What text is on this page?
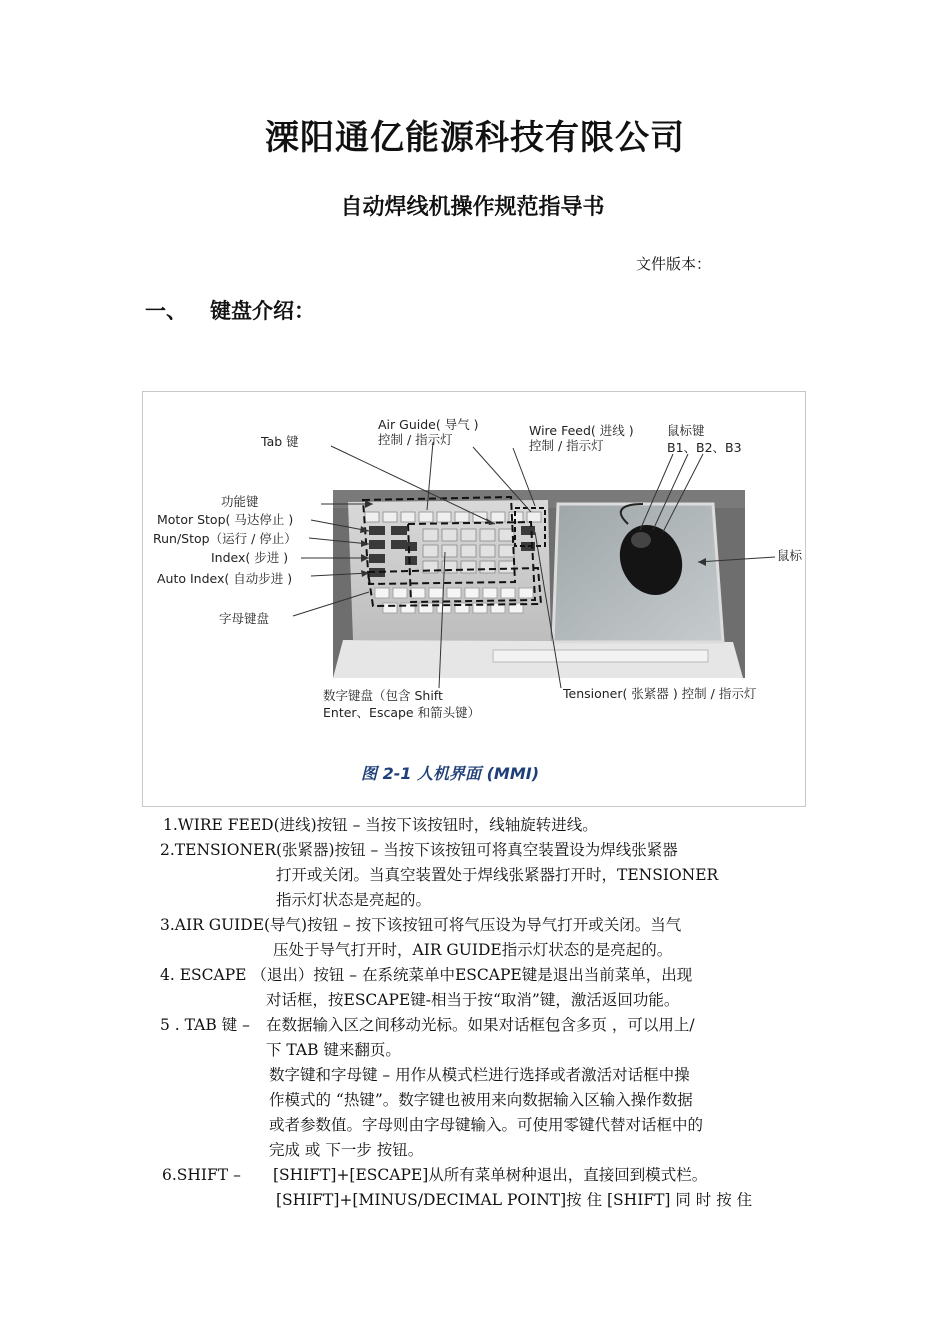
溧阳通亿能源科技有限公司
自动焊线机操作规范指导书
文件版本：
一、 键盘介绍：
Tab 键
Air Guide( 导气 )
控制 / 指示灯
Wire Feed( 进线 )
控制 / 指示灯
鼠标键
B1、B2、B3
功能键
Motor Stop( 马达停止 )
Run/Stop（运行 / 停止）
Index( 步进 )
Auto Index( 自动步进 )
字母键盘
鼠标
数字键盘（包含 Shift
Enter、Escape 和箭头键）
Tensioner( 张紧器 ) 控制 / 指示灯
图 2-1 人机界面 (MMI)
1.WIRE FEED(进线)按钮 – 当按下该按钮时，线轴旋转进线。
2.TENSIONER(张紧器)按钮 – 当按下该按钮可将真空装置设为焊线张紧器
打开或关闭。当真空装置处于焊线张紧器打开时，TENSIONER
指示灯状态是亮起的。
3.AIR GUIDE(导气)按钮 – 按下该按钮可将气压设为导气打开或关闭。当气
压处于导气打开时，AIR GUIDE指示灯状态的是亮起的。
4. ESCAPE （退出）按钮 – 在系统菜单中ESCAPE键是退出当前菜单，出现
对话框，按ESCAPE键-相当于按“取消”键，激活返回功能。
5 . TAB 键 – 在数据输入区之间移动光标。如果对话框包含多页 ，可以用上/
下 TAB 键来翻页。
数字键和字母键 – 用作从模式栏进行选择或者激活对话框中操
作模式的 “热键”。数字键也被用来向数据输入区输入操作数据
或者参数值。字母则由字母键输入。可使用零键代替对话框中的
完成 或 下一步 按钮。
6.SHIFT – [SHIFT]+[ESCAPE]从所有菜单树种退出，直接回到模式栏。
[SHIFT]+[MINUS/DECIMAL POINT]按 住 [SHIFT] 同 时 按 住
